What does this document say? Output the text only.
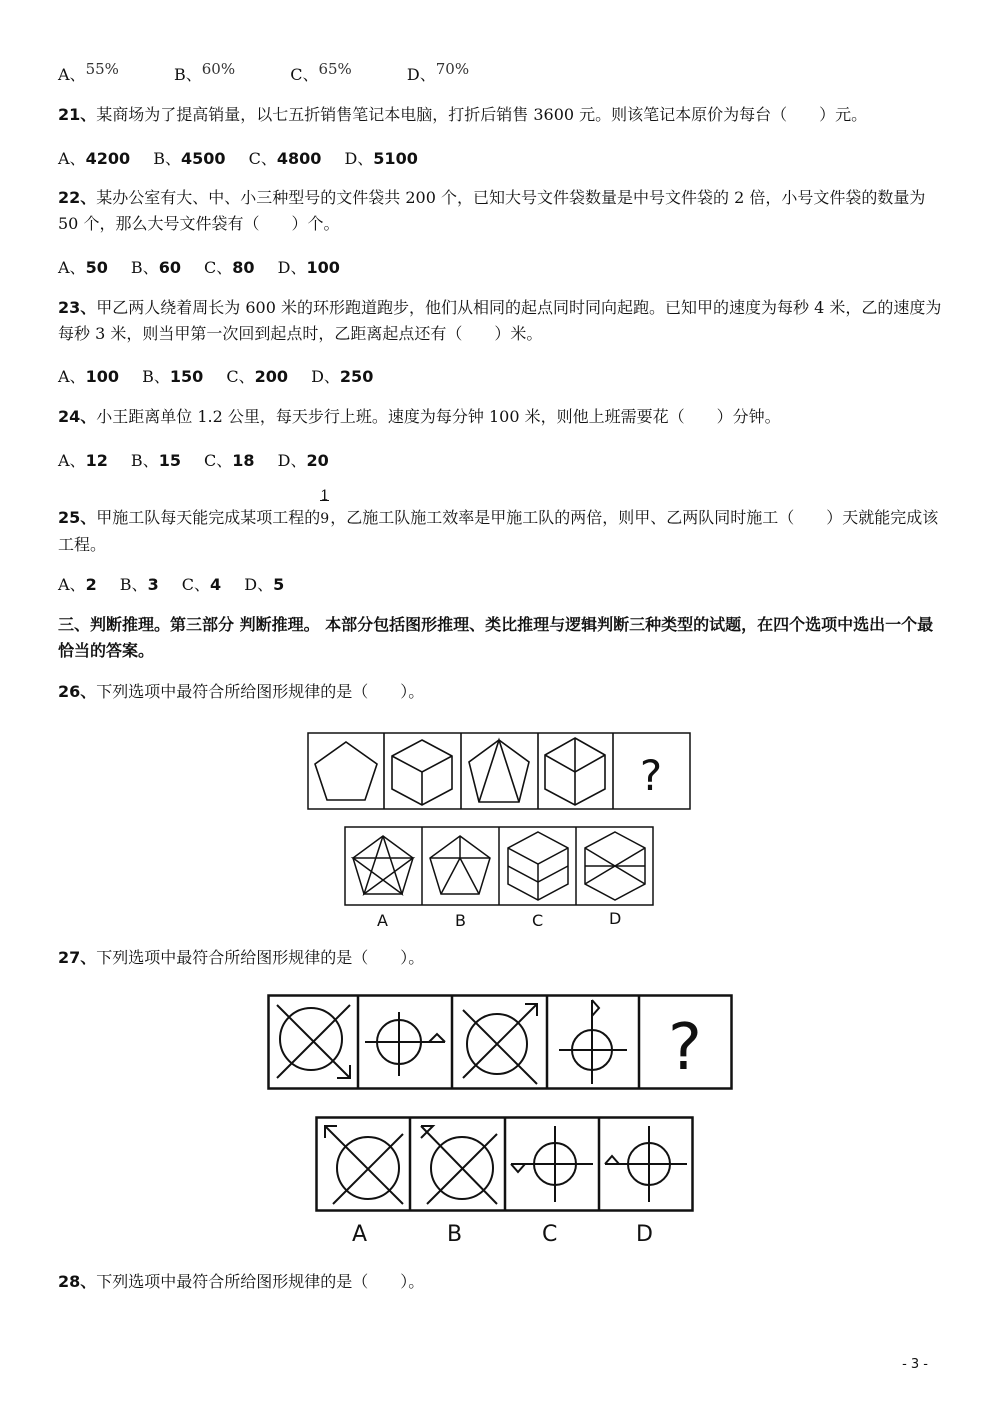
A、55%	B、60%	C、65%	D、70%
21、某商场为了提高销量，以七五折销售笔记本电脑，打折后销售 3600 元。则该笔记本原价为每台（　　）元。
A、4200 B、4500 C、4800 D、5100
22、某办公室有大、中、小三种型号的文件袋共 200 个，已知大号文件袋数量是中号文件袋的 2 倍，小号文件袋的数量为 50 个，那么大号文件袋有（　　）个。
A、50 B、60 C、80 D、100
23、甲乙两人绕着周长为 600 米的环形跑道跑步，他们从相同的起点同时同向起跑。已知甲的速度为每秒 4 米，乙的速度为每秒 3 米，则当甲第一次回到起点时，乙距离起点还有（　　）米。
A、100 B、150 C、200 D、250
24、小王距离单位 1.2 公里，每天步行上班。速度为每分钟 100 米，则他上班需要花（　　）分钟。
A、12 B、15 C、18 D、20
25、甲施工队每天能完成某项工程的 $\frac{1}{9}$，乙施工队施工效率是甲施工队的两倍，则甲、乙两队同时施工（　　）天就能完成该工程。
A、2 B、3 C、4 D、5
三、判断推理。第三部分 判断推理。 本部分包括图形推理、类比推理与逻辑判断三种类型的试题，在四个选项中选出一个最恰当的答案。
26、下列选项中最符合所给图形规律的是（　　）。
?
A	B	C	D
27、下列选项中最符合所给图形规律的是（　　）。
?
A	B	C	D
28、下列选项中最符合所给图形规律的是（　　）。
- 3 -
